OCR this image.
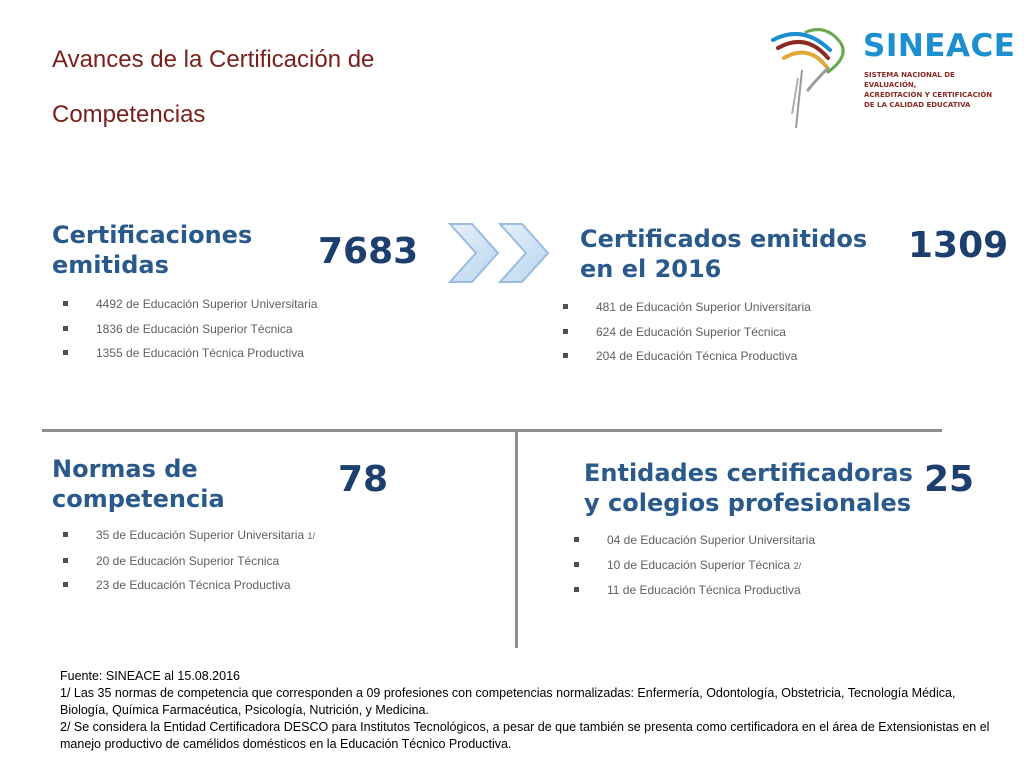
Avances de la Certificación de
Competencias
SINEACE
SISTEMA NACIONAL DE EVALUACIÓN,
ACREDITACIÓN Y CERTIFICACIÓN
DE LA CALIDAD EDUCATIVA
Certificaciones
emitidas	7683
4492 de Educación Superior Universitaria
1836 de Educación Superior Técnica
1355 de Educación Técnica Productiva
Certificados emitidos
en el 2016
1309
481 de Educación Superior Universitaria
624 de Educación Superior Técnica
204 de Educación Técnica Productiva
Normas de
competencia	78
35 de Educación Superior Universitaria 1/
20 de Educación Superior Técnica
23 de Educación Técnica Productiva
Entidades certificadoras
y colegios profesionales
25
04 de Educación Superior Universitaria
10 de Educación Superior Técnica 2/
11 de Educación Técnica Productiva
Fuente: SINEACE al 15.08.2016
1/ Las 35 normas de competencia que corresponden a 09 profesiones con competencias normalizadas: Enfermería, Odontología, Obstetricia, Tecnología Médica, Biología, Química Farmacéutica, Psicología, Nutrición, y Medicina.
2/ Se considera la Entidad Certificadora DESCO para Institutos Tecnológicos, a pesar de que también se presenta como certificadora en el área de Extensionistas en el manejo productivo de camélidos domésticos en la Educación Técnico Productiva.
